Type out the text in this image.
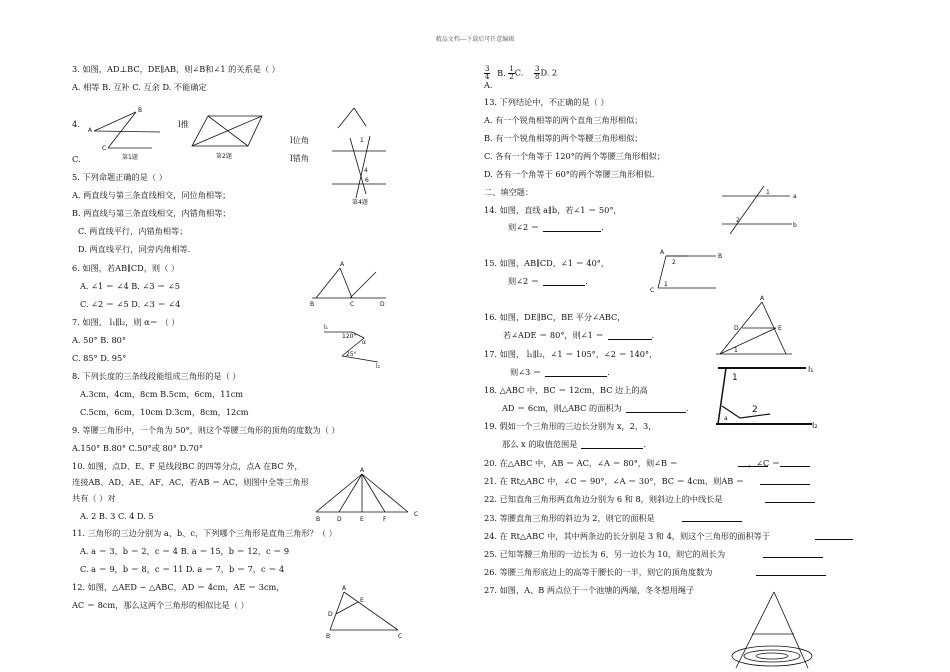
精品文档---下载后可任意编辑
3. 如图，AD⊥BC，DE∥AB，则∠B和∠1 的关系是（ ）
A. 相等 B. 互补 C. 互余 D. 不能确定
4.
C.
l推
l位角
l错角
5. 下列命题正确的是（ ）
A. 两直线与第三条直线相交，同位角相等；
B. 两直线与第三条直线相交，内错角相等；
C. 两直线平行，内错角相等；
D. 两直线平行，同旁内角相等.
6. 如图，若AB∥CD，则（ ）
A. ∠1 ＝ ∠4 B. ∠3 ＝ ∠5
C. ∠2 ＝ ∠5 D. ∠3 ＝ ∠4
7. 如图， l₁∥l₂，则 α＝ （ ）
A. 50° B. 80°
C. 85° D. 95°
8. 下列长度的三条线段能组成三角形的是（ ）
A.3cm，4cm，8cm B.5cm，6cm，11cm
C.5cm，6cm，10cm D.3cm，8cm，12cm
9. 等腰三角形中，一个角为 50°，则这个等腰三角形的顶角的度数为（ ）
A.150° B.80° C.50°或 80° D.70°
10. 如图，点D、E、F 是线段BC 的四等分点，点A 在BC 外，
连接AB、AD、AE、AF、AC，若AB ＝ AC，则图中全等三角形
共有（ ）对
A. 2 B. 3 C. 4 D. 5
11. 三角形的三边分别为 a、b、c，下列哪个三角形是直角三角形？（ ）
A. a ＝ 3，b ＝ 2，c ＝ 4 B. a ＝ 15，b ＝ 12，c ＝ 9
C. a ＝ 9，b ＝ 8，c ＝ 11 D. a ＝ 7，b ＝ 7，c ＝ 4
12. 如图，△AED ∽ △ABC，AD ＝ 4cm，AE ＝ 3cm，
AC ＝ 8cm，那么这两个三角形的相似比是（ ）
13. 下列结论中，不正确的是（ ）
A. 有一个锐角相等的两个直角三角形相似；
B. 有一个锐角相等的两个等腰三角形相似；
C. 各有一个角等于 120°的两个等腰三角形相似；
D. 各有一个角等于 60°的两个等腰三角形相似.
二、填空题：
14. 如图，直线 a∥b，若∠1 ＝ 50°，
15. 如图，AB∥CD，∠1 ＝ 40°，
16. 如图，DE∥BC，BE 平分∠ABC，
17. 如图， l₁∥l₂，∠1 ＝ 105°，∠2 ＝ 140°，
18. △ABC 中，BC ＝ 12cm，BC 边上的高
19. 假如一个三角形的三边长分别为 x，2，3，
20. 在△ABC 中，AB ＝ AC，∠A ＝ 80°，则∠B ＝
21. 在 Rt△ABC 中，∠C ＝ 90°，∠A ＝ 30°，BC ＝ 4cm，则AB ＝
22. 已知直角三角形两直角边分别为 6 和 8，则斜边上的中线长是
23. 等腰直角三角形的斜边为 2，则它的面积是
24. 在 Rt△ABC 中，其中两条边的长分别是 3 和 4，则这个三角形的面积等于
25. 已知等腰三角形的一边长为 6，另一边长为 10，则它的周长为
26. 等腰三角形底边上的高等于腰长的一半，则它的顶角度数为
27. 如图，A、B 两点位于一个池塘的两端，冬冬想用绳子
则∠2 ＝	.
则∠2 ＝	.
若∠ADE ＝ 80°，则∠1 ＝	.
则∠3 ＝	.
AD ＝ 6cm，则△ABC 的面积为	.
那么 x 的取值范围是	.
$\frac{3}{4} B$. $\frac{1}{2} C$. $\frac{3}{8} D$. 2
A.
，∠C ＝
A
B
C
第1题	第2题
1
4
6
第4题
B
A
C	D
l₁
120°
α
25°
l₂
A
B	D	E	F
C
A
E
D
B	C
a
b
1
2
A
B
C
2
1
A
D	E
1
1
2
a
l₁
l₂
